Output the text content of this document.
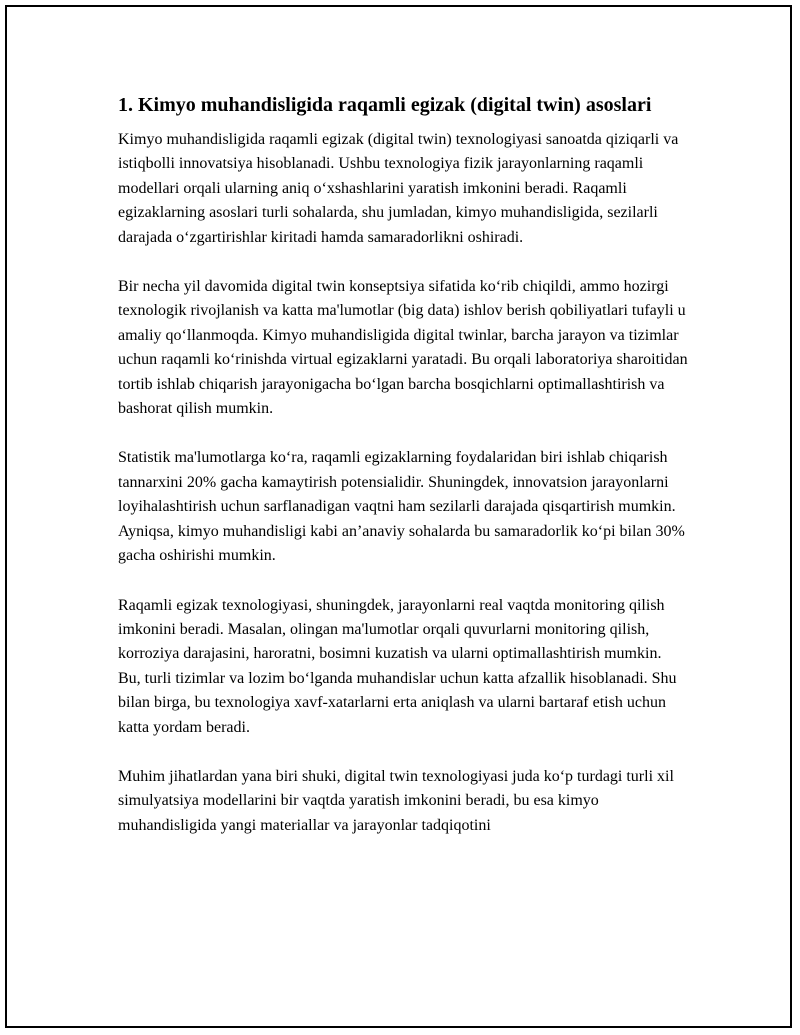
1. Kimyo muhandisligida raqamli egizak (digital twin) asoslari

Kimyo muhandisligida raqamli egizak (digital twin) texnologiyasi sanoatda qiziqarli va istiqbolli innovatsiya hisoblanadi. Ushbu texnologiya fizik jarayonlarning raqamli modellari orqali ularning aniq o‘xshashlarini yaratish imkonini beradi. Raqamli egizaklarning asoslari turli sohalarda, shu jumladan, kimyo muhandisligida, sezilarli darajada o‘zgartirishlar kiritadi hamda samaradorlikni oshiradi.

Bir necha yil davomida digital twin konseptsiya sifatida ko‘rib chiqildi, ammo hozirgi texnologik rivojlanish va katta ma'lumotlar (big data) ishlov berish qobiliyatlari tufayli u amaliy qo‘llanmoqda. Kimyo muhandisligida digital twinlar, barcha jarayon va tizimlar uchun raqamli ko‘rinishda virtual egizaklarni yaratadi. Bu orqali laboratoriya sharoitidan tortib ishlab chiqarish jarayonigacha bo‘lgan barcha bosqichlarni optimallashtirish va bashorat qilish mumkin.

Statistik ma'lumotlarga ko‘ra, raqamli egizaklarning foydalaridan biri ishlab chiqarish tannarxini 20% gacha kamaytirish potensialidir. Shuningdek, innovatsion jarayonlarni loyihalashtirish uchun sarflanadigan vaqtni ham sezilarli darajada qisqartirish mumkin. Ayniqsa, kimyo muhandisligi kabi an’anaviy sohalarda bu samaradorlik ko‘pi bilan 30% gacha oshirishi mumkin.

Raqamli egizak texnologiyasi, shuningdek, jarayonlarni real vaqtda monitoring qilish imkonini beradi. Masalan, olingan ma'lumotlar orqali quvurlarni monitoring qilish, korroziya darajasini, haroratni, bosimni kuzatish va ularni optimallashtirish mumkin. Bu, turli tizimlar va lozim bo‘lganda muhandislar uchun katta afzallik hisoblanadi. Shu bilan birga, bu texnologiya xavf-xatarlarni erta aniqlash va ularni bartaraf etish uchun katta yordam beradi.

Muhim jihatlardan yana biri shuki, digital twin texnologiyasi juda ko‘p turdagi turli xil simulyatsiya modellarini bir vaqtda yaratish imkonini beradi, bu esa kimyo muhandisligida yangi materiallar va jarayonlar tadqiqotini
